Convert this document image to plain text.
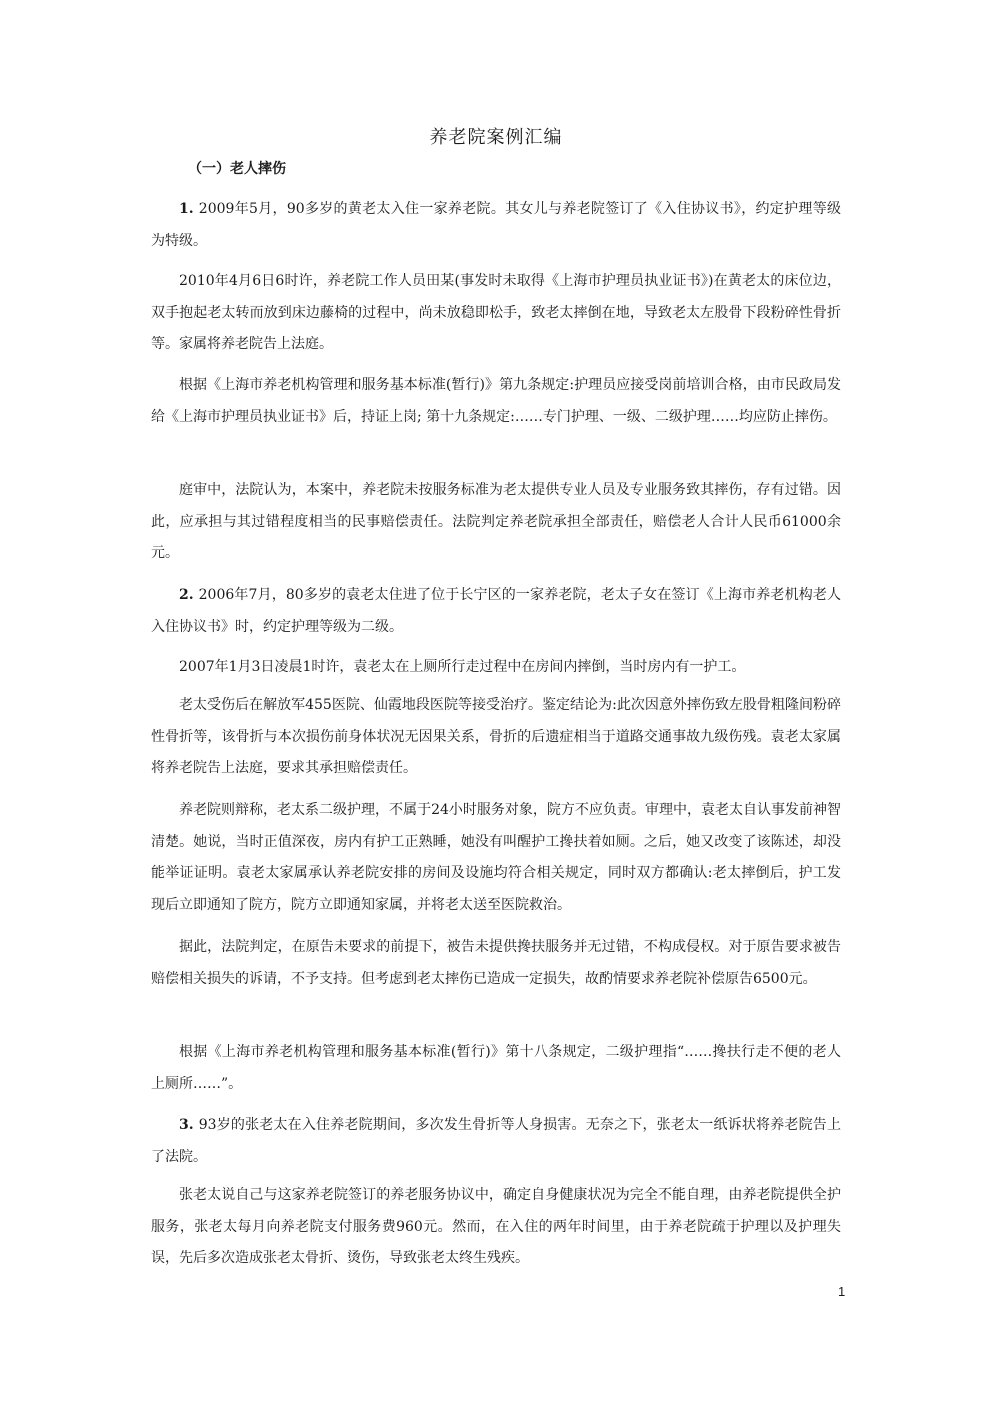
养老院案例汇编
（一）老人摔伤

1. 2009年5月，90多岁的黄老太入住一家养老院。其女儿与养老院签订了《入住协议书》，约定护理等级为特级。

2010年4月6日6时许，养老院工作人员田某(事发时未取得《上海市护理员执业证书》)在黄老太的床位边，双手抱起老太转而放到床边藤椅的过程中，尚未放稳即松手，致老太摔倒在地，导致老太左股骨下段粉碎性骨折等。家属将养老院告上法庭。

根据《上海市养老机构管理和服务基本标准(暂行)》第九条规定:护理员应接受岗前培训合格，由市民政局发给《上海市护理员执业证书》后，持证上岗; 第十九条规定:……专门护理、一级、二级护理……均应防止摔伤。

庭审中，法院认为，本案中，养老院未按服务标准为老太提供专业人员及专业服务致其摔伤，存有过错。因此，应承担与其过错程度相当的民事赔偿责任。法院判定养老院承担全部责任，赔偿老人合计人民币61000余元。

2. 2006年7月，80多岁的袁老太住进了位于长宁区的一家养老院，老太子女在签订《上海市养老机构老人入住协议书》时，约定护理等级为二级。

2007年1月3日凌晨1时许，袁老太在上厕所行走过程中在房间内摔倒，当时房内有一护工。

老太受伤后在解放军455医院、仙霞地段医院等接受治疗。鉴定结论为:此次因意外摔伤致左股骨粗隆间粉碎性骨折等，该骨折与本次损伤前身体状况无因果关系，骨折的后遗症相当于道路交通事故九级伤残。袁老太家属将养老院告上法庭，要求其承担赔偿责任。

养老院则辩称，老太系二级护理，不属于24小时服务对象，院方不应负责。审理中，袁老太自认事发前神智清楚。她说，当时正值深夜，房内有护工正熟睡，她没有叫醒护工搀扶着如厕。之后，她又改变了该陈述，却没能举证证明。袁老太家属承认养老院安排的房间及设施均符合相关规定，同时双方都确认:老太摔倒后，护工发现后立即通知了院方，院方立即通知家属，并将老太送至医院救治。

据此，法院判定，在原告未要求的前提下，被告未提供搀扶服务并无过错，不构成侵权。对于原告要求被告赔偿相关损失的诉请，不予支持。但考虑到老太摔伤已造成一定损失，故酌情要求养老院补偿原告6500元。

根据《上海市养老机构管理和服务基本标准(暂行)》第十八条规定，二级护理指“……搀扶行走不便的老人上厕所……”。

3. 93岁的张老太在入住养老院期间，多次发生骨折等人身损害。无奈之下，张老太一纸诉状将养老院告上了法院。

张老太说自己与这家养老院签订的养老服务协议中，确定自身健康状况为完全不能自理，由养老院提供全护服务，张老太每月向养老院支付服务费960元。然而，在入住的两年时间里，由于养老院疏于护理以及护理失误，先后多次造成张老太骨折、烫伤，导致张老太终生残疾。

1
